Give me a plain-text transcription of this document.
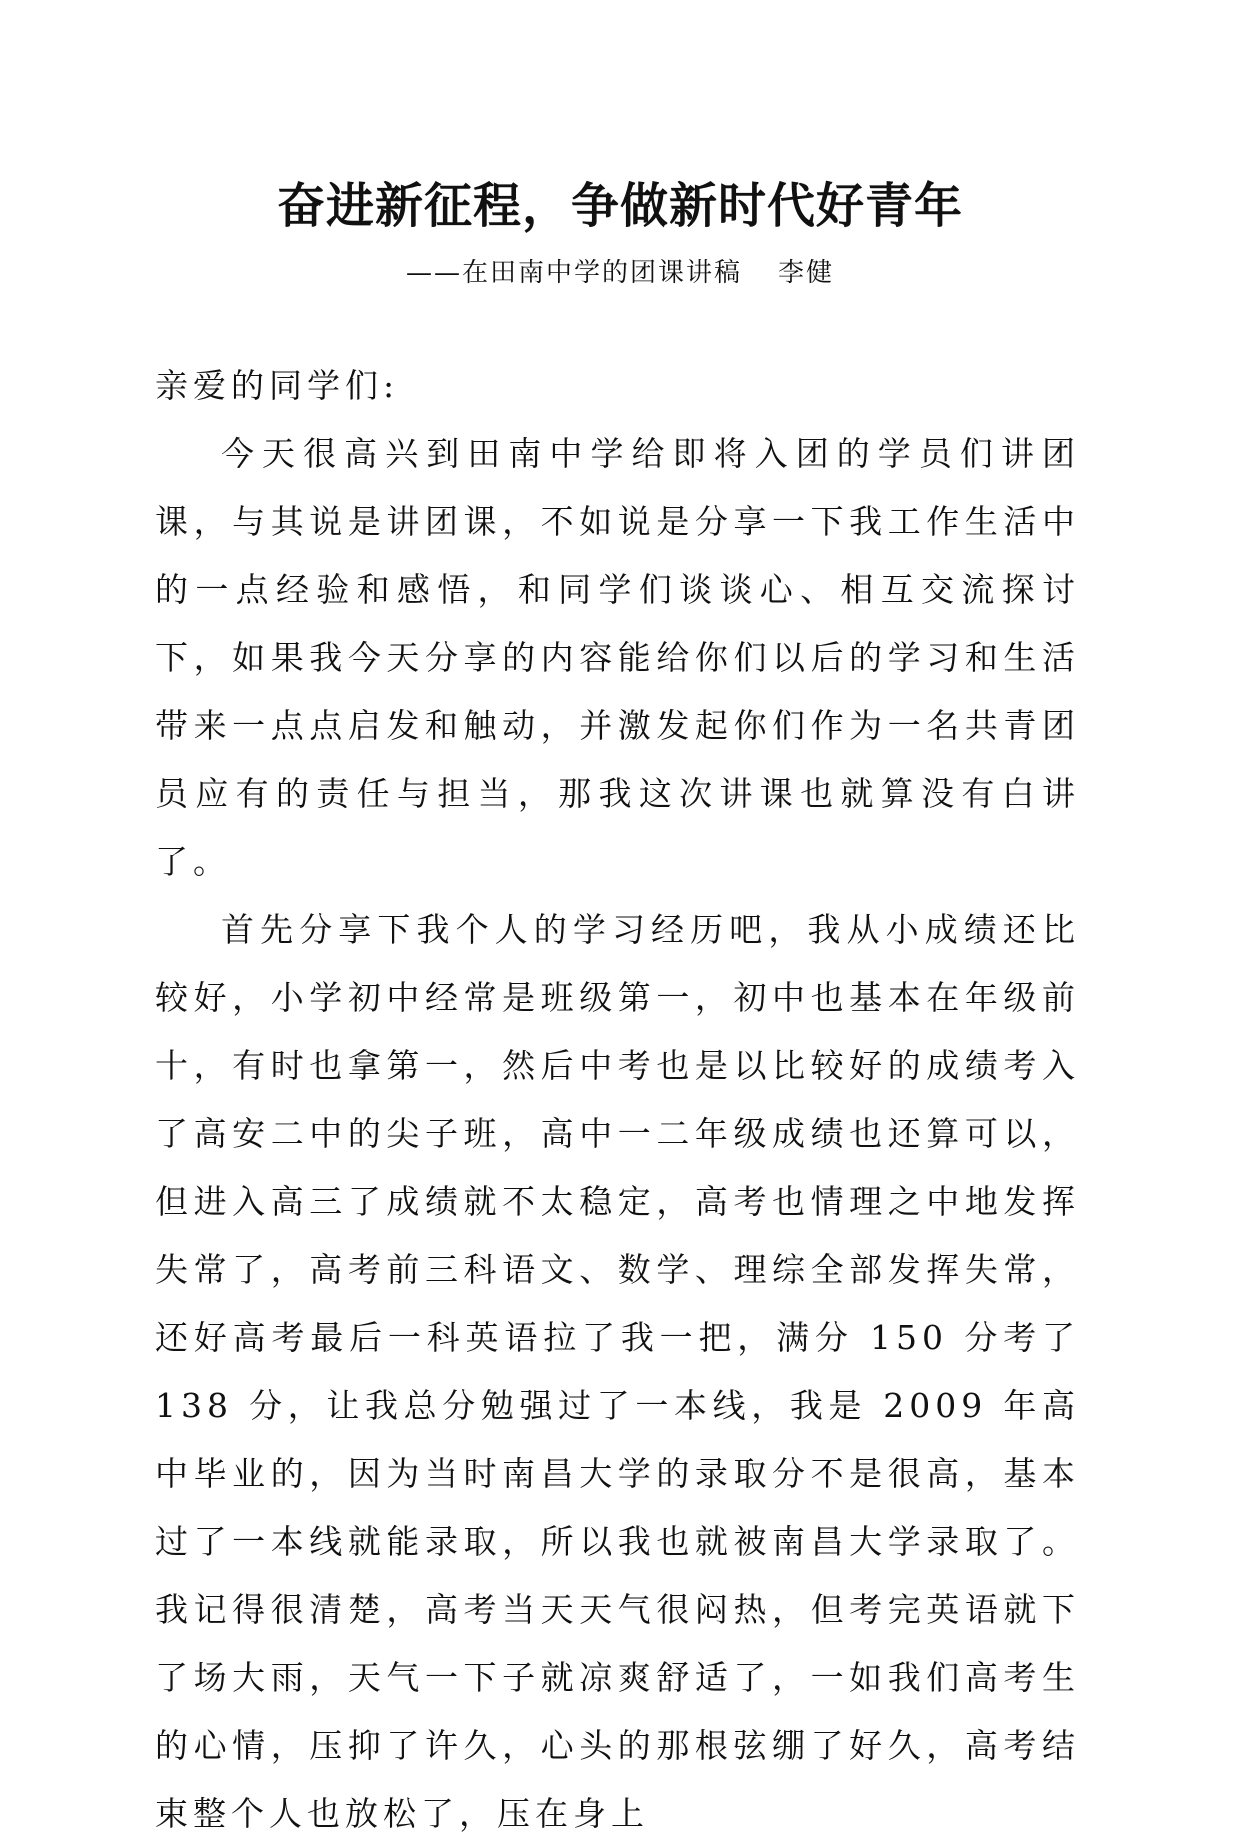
奋进新征程，争做新时代好青年
——在田南中学的团课讲稿 李健

亲爱的同学们:

今天很高兴到田南中学给即将入团的学员们讲团课，与其说是讲团课，不如说是分享一下我工作生活中的一点经验和感悟，和同学们谈谈心、相互交流探讨下，如果我今天分享的内容能给你们以后的学习和生活带来一点点启发和触动，并激发起你们作为一名共青团员应有的责任与担当，那我这次讲课也就算没有白讲了。

首先分享下我个人的学习经历吧，我从小成绩还比较好，小学初中经常是班级第一，初中也基本在年级前十，有时也拿第一，然后中考也是以比较好的成绩考入了高安二中的尖子班，高中一二年级成绩也还算可以，但进入高三了成绩就不太稳定，高考也情理之中地发挥失常了，高考前三科语文、数学、理综全部发挥失常，还好高考最后一科英语拉了我一把，满分 150 分考了 138 分，让我总分勉强过了一本线，我是 2009 年高中毕业的，因为当时南昌大学的录取分不是很高，基本过了一本线就能录取，所以我也就被南昌大学录取了。我记得很清楚，高考当天天气很闷热，但考完英语就下了场大雨，天气一下子就凉爽舒适了，一如我们高考生的心情，压抑了许久，心头的那根弦绷了好久，高考结束整个人也放松了，压在身上
